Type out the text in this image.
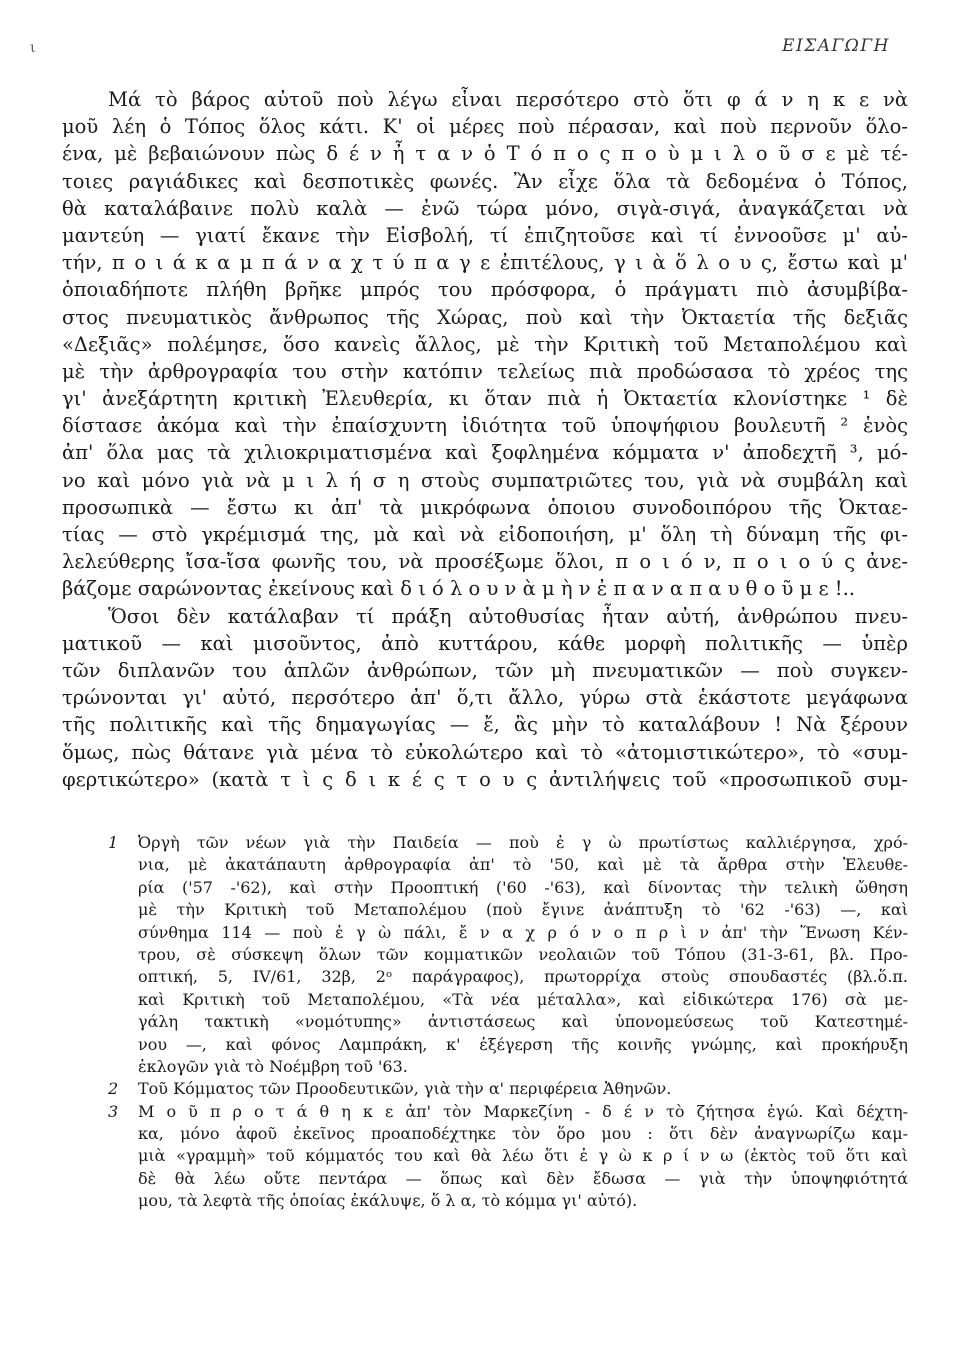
ι	ΕΙΣΑΓΩΓΗ
Μά τὸ βάρος αὐτοῦ ποὺ λέγω εἶναι περσότερο στὸ ὅτι φ ά ν η κ ε νὰ
μοῦ λέη ὁ Τόπος ὅλος κάτι. Κ' οἱ μέρες ποὺ πέρασαν, καὶ ποὺ περνοῦν ὅλο-
ένα, μὲ βεβαιώνουν πὼς δ έ ν ἦ τ α ν ὁ Τ ό π ο ς π ο ὺ μ ι λ ο ῦ σ ε μὲ τέ-
τοιες ραγιάδικες καὶ δεσποτικὲς φωνές. Ἂν εἶχε ὅλα τὰ δεδομένα ὁ Τόπος,
θὰ καταλάβαινε πολὺ καλὰ — ἐνῶ τώρα μόνο, σιγὰ-σιγά, ἀναγκάζεται νὰ
μαντεύη — γιατί ἔκανε τὴν Εἰσβολή, τί ἐπιζητοῦσε καὶ τί ἐννοοῦσε μ' αὐ-
τήν, π ο ι ά κ α μ π ά ν α χ τ ύ π α γ ε ἐπιτέλους, γ ι ὰ ὅ λ ο υ ς, ἔστω καὶ μ'
ὁποιαδήποτε πλήθη βρῆκε μπρός του πρόσφορα, ὁ πράγματι πιὸ ἀσυμβίβα-
στος πνευματικὸς ἄνθρωπος τῆς Χώρας, ποὺ καὶ τὴν Ὀκταετία τῆς δεξιᾶς
«Δεξιᾶς» πολέμησε, ὅσο κανεὶς ἄλλος, μὲ τὴν Κριτικὴ τοῦ Μεταπολέμου καὶ
μὲ τὴν ἀρθρογραφία του στὴν κατόπιν τελείως πιὰ προδώσασα τὸ χρέος της
γι' ἀνεξάρτητη κριτικὴ Ἐλευθερία, κι ὅταν πιὰ ἡ Ὀκταετία κλονίστηκε ¹ δὲ
δίστασε ἀκόμα καὶ τὴν ἐπαίσχυντη ἰδιότητα τοῦ ὑποψήφιου βουλευτῆ ² ἑνὸς
ἀπ' ὅλα μας τὰ χιλιοκριματισμένα καὶ ξοφλημένα κόμματα ν' ἀποδεχτῆ ³, μό-
νο καὶ μόνο γιὰ νὰ μ ι λ ή σ η στοὺς συμπατριῶτες του, γιὰ νὰ συμβάλη καὶ
προσωπικὰ — ἔστω κι ἀπ' τὰ μικρόφωνα ὁποιου συνοδοιπόρου τῆς Ὀκταε-
τίας — στὸ γκρέμισμά της, μὰ καὶ νὰ εἰδοποιήση, μ' ὅλη τὴ δύναμη τῆς φι-
λελεύθερης ἴσα-ἴσα φωνῆς του, νὰ προσέξωμε ὅλοι, π ο ι ό ν, π ο ι ο ύ ς ἀνε-
βάζομε σαρώνοντας ἐκείνους καὶ δ ι ό λ ο υ ν ὰ μ ὴ ν ἐ π α ν α π α υ θ ο ῦ μ ε !..
Ὅσοι δὲν κατάλαβαν τί πράξη αὐτοθυσίας ἦταν αὐτή, ἀνθρώπου πνευ-
ματικοῦ — καὶ μισοῦντος, ἀπὸ κυττάρου, κάθε μορφὴ πολιτικῆς — ὑπὲρ
τῶν διπλανῶν του ἁπλῶν ἀνθρώπων, τῶν μὴ πνευματικῶν — ποὺ συγκεν-
τρώνονται γι' αὐτό, περσότερο ἀπ' ὅ,τι ἄλλο, γύρω στὰ ἑκάστοτε μεγάφωνα
τῆς πολιτικῆς καὶ τῆς δημαγωγίας — ἔ, ἂς μὴν τὸ καταλάβουν ! Νὰ ξέρουν
ὅμως, πὼς θάτανε γιὰ μένα τὸ εὐκολώτερο καὶ τὸ «ἀτομιστικώτερο», τὸ «συμ-
φερτικώτερο» (κατὰ τ ὶ ς δ ι κ έ ς τ ο υ ς ἀντιλήψεις τοῦ «προσωπικοῦ συμ-
1 Ὀργὴ τῶν νέων γιὰ τὴν Παιδεία — ποὺ ἐ γ ὼ πρωτίστως καλλιέργησα, χρό-
νια, μὲ ἀκατάπαυτη ἀρθρογραφία ἀπ' τὸ '50, καὶ μὲ τὰ ἄρθρα στὴν Ἐλευθε-
ρία ('57 -'62), καὶ στὴν Προοπτική ('60 -'63), καὶ δίνοντας τὴν τελικὴ ὤθηση
μὲ τὴν Κριτικὴ τοῦ Μεταπολέμου (ποὺ ἔγινε ἀνάπτυξη τὸ '62 -'63) —, καὶ
σύνθημα 114 — ποὺ ἐ γ ὼ πάλι, ἔ ν α χ ρ ό ν ο π ρ ὶ ν ἀπ' τὴν Ἕνωση Κέν-
τρου, σὲ σύσκεψη ὅλων τῶν κομματικῶν νεολαιῶν τοῦ Τόπου (31-3-61, βλ. Προ-
οπτική, 5, IV/61, 32β, 2ᵒ παράγραφος), πρωτορρίχα στοὺς σπουδαστές (βλ.ὅ.π.
καὶ Κριτικὴ τοῦ Μεταπολέμου, «Τὰ νέα μέταλλα», καὶ εἰδικώτερα 176) σὰ με-
γάλη τακτικὴ «νομότυπης» ἀντιστάσεως καὶ ὑπονομεύσεως τοῦ Κατεστημέ-
νου —, καὶ φόνος Λαμπράκη, κ' ἐξέγερση τῆς κοινῆς γνώμης, καὶ προκήρυξη
ἐκλογῶν γιὰ τὸ Νοέμβρη τοῦ '63.
2 Τοῦ Κόμματος τῶν Προοδευτικῶν, γιὰ τὴν α' περιφέρεια Ἀθηνῶν.
3 Μ ο ῦ π ρ ο τ ά θ η κ ε ἀπ' τὸν Μαρκεζίνη - δ έ ν τὸ ζήτησα ἐγώ. Καὶ δέχτη-
κα, μόνο ἀφοῦ ἐκεῖνος προαποδέχτηκε τὸν ὅρο μου : ὅτι δὲν ἀναγνωρίζω καμ-
μιὰ «γραμμὴ» τοῦ κόμματός του καὶ θὰ λέω ὅτι ἐ γ ὼ κ ρ ί ν ω (ἐκτὸς τοῦ ὅτι καὶ
δὲ θὰ λέω οὔτε πεντάρα — ὅπως καὶ δὲν ἔδωσα — γιὰ τὴν ὑποψηφιότητά
μου, τὰ λεφτὰ τῆς ὁποίας ἐκάλυψε, ὅ λ α, τὸ κόμμα γι' αὐτό).
